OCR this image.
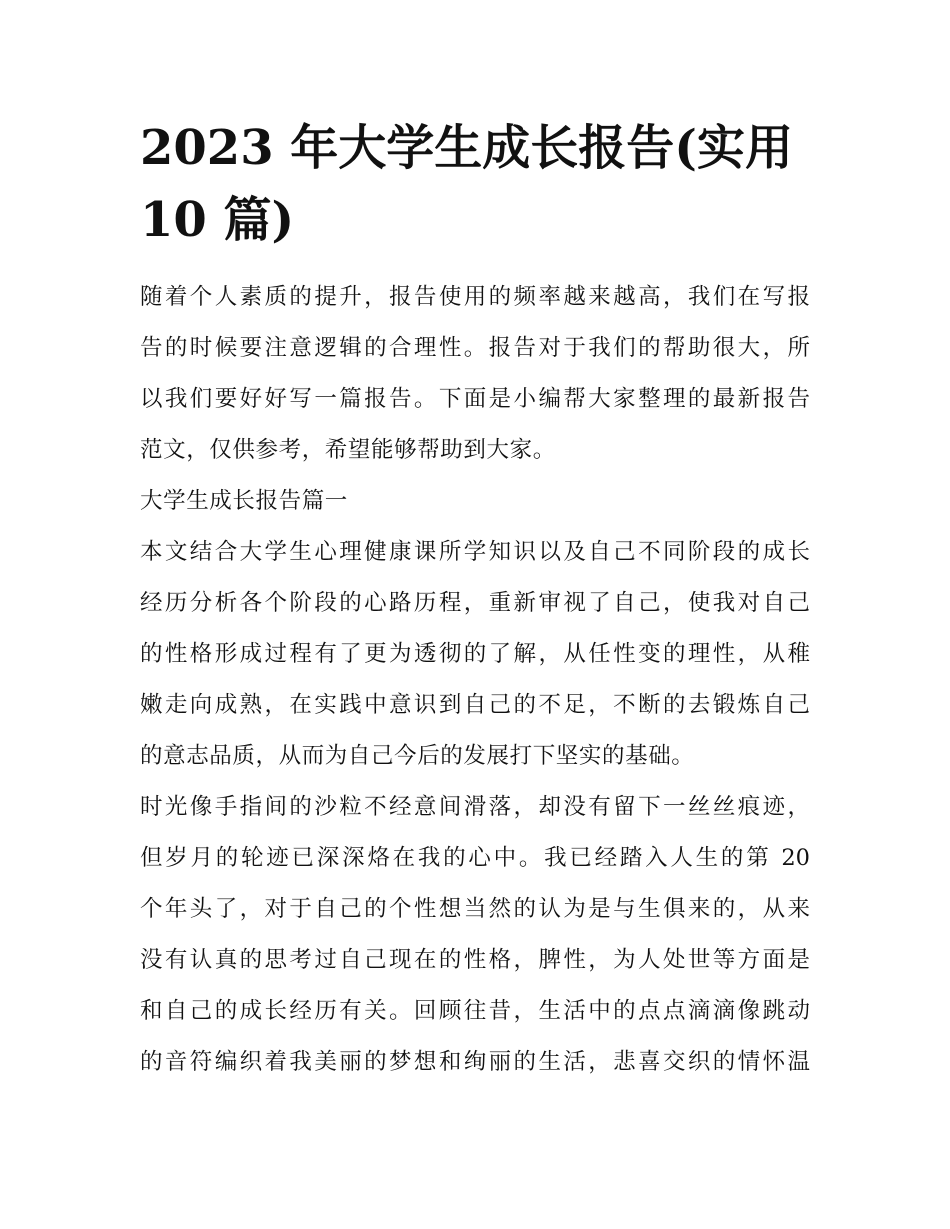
2023 年大学生成长报告(实用
10 篇)
随着个人素质的提升，报告使用的频率越来越高，我们在写报
告的时候要注意逻辑的合理性。报告对于我们的帮助很大，所
以我们要好好写一篇报告。下面是小编帮大家整理的最新报告
范文，仅供参考，希望能够帮助到大家。
大学生成长报告篇一
本文结合大学生心理健康课所学知识以及自己不同阶段的成长
经历分析各个阶段的心路历程，重新审视了自己，使我对自己
的性格形成过程有了更为透彻的了解，从任性变的理性，从稚
嫩走向成熟，在实践中意识到自己的不足，不断的去锻炼自己
的意志品质，从而为自己今后的发展打下坚实的基础。
时光像手指间的沙粒不经意间滑落，却没有留下一丝丝痕迹，
但岁月的轮迹已深深烙在我的心中。我已经踏入人生的第 20
个年头了，对于自己的个性想当然的认为是与生俱来的，从来
没有认真的思考过自己现在的性格，脾性，为人处世等方面是
和自己的成长经历有关。回顾往昔，生活中的点点滴滴像跳动
的音符编织着我美丽的梦想和绚丽的生活，悲喜交织的情怀温
